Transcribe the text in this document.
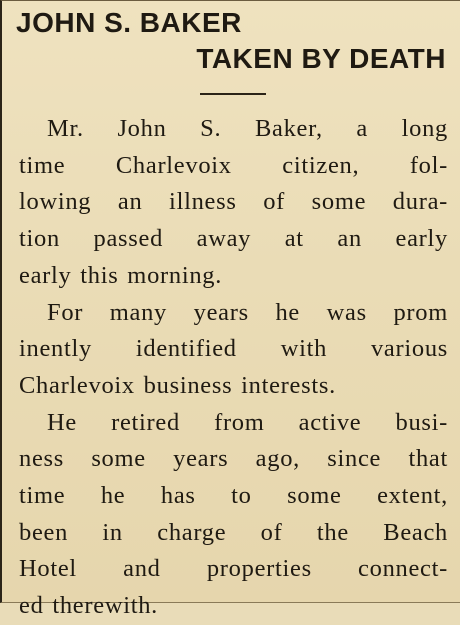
JOHN S. BAKER
TAKEN BY DEATH
Mr. John S. Baker, a long
time Charlevoix citizen, fol-
lowing an illness of some dura-
tion passed away at an early
early this morning.
For many years he was prom
inently identified with various
Charlevoix business interests.
He retired from active busi-
ness some years ago, since that
time he has to some extent,
been in charge of the Beach
Hotel and properties connect-
ed therewith.
